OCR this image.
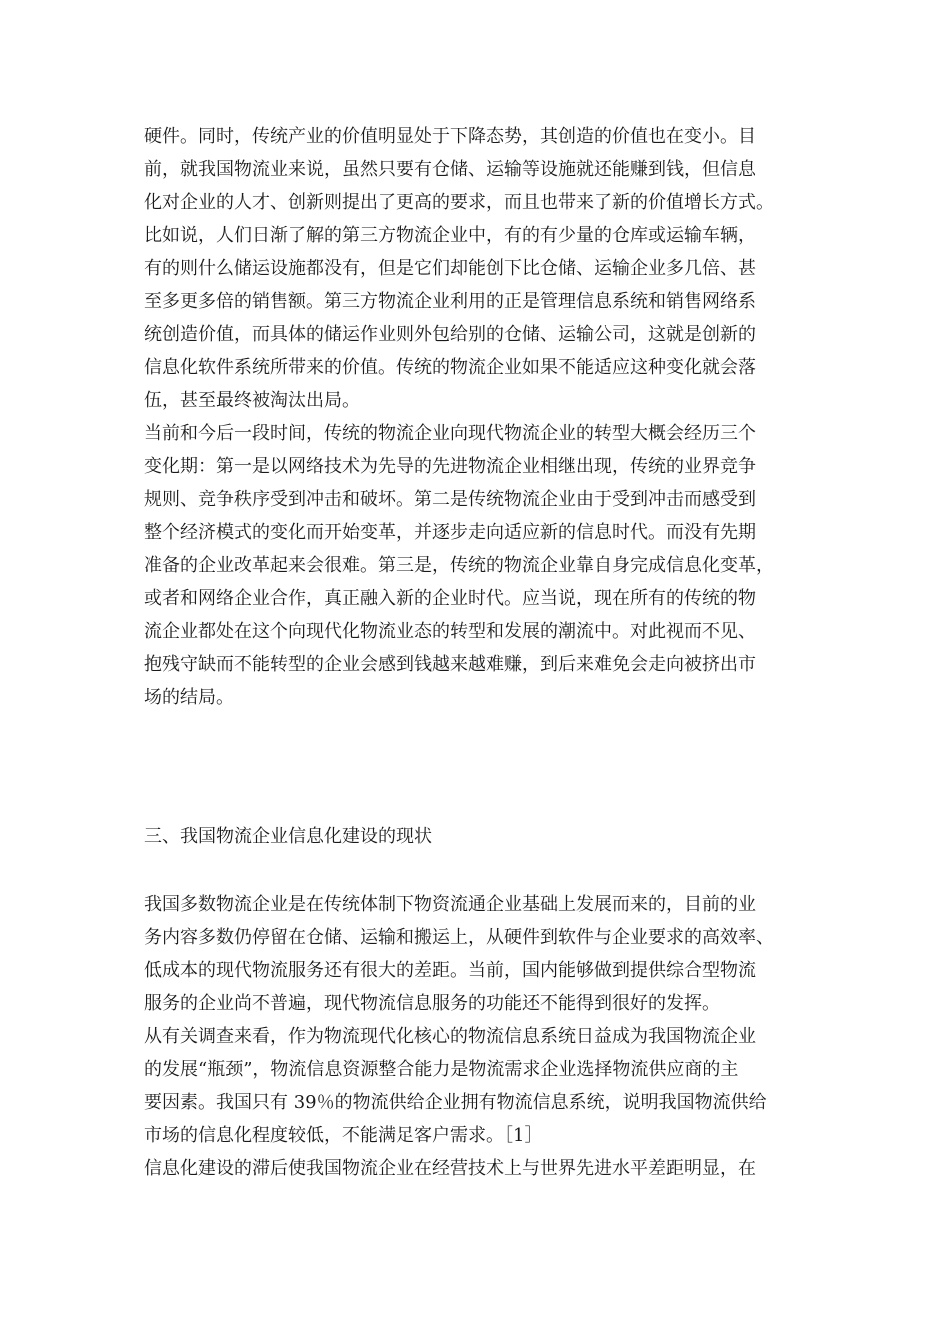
硬件。同时，传统产业的价值明显处于下降态势，其创造的价值也在变小。目
前，就我国物流业来说，虽然只要有仓储、运输等设施就还能赚到钱，但信息
化对企业的人才、创新则提出了更高的要求，而且也带来了新的价值增长方式。
比如说，人们日渐了解的第三方物流企业中，有的有少量的仓库或运输车辆，
有的则什么储运设施都没有，但是它们却能创下比仓储、运输企业多几倍、甚
至多更多倍的销售额。第三方物流企业利用的正是管理信息系统和销售网络系
统创造价值，而具体的储运作业则外包给别的仓储、运输公司，这就是创新的
信息化软件系统所带来的价值。传统的物流企业如果不能适应这种变化就会落
伍，甚至最终被淘汰出局。
当前和今后一段时间，传统的物流企业向现代物流企业的转型大概会经历三个
变化期：第一是以网络技术为先导的先进物流企业相继出现，传统的业界竞争
规则、竞争秩序受到冲击和破坏。第二是传统物流企业由于受到冲击而感受到
整个经济模式的变化而开始变革，并逐步走向适应新的信息时代。而没有先期
准备的企业改革起来会很难。第三是，传统的物流企业靠自身完成信息化变革，
或者和网络企业合作，真正融入新的企业时代。应当说，现在所有的传统的物
流企业都处在这个向现代化物流业态的转型和发展的潮流中。对此视而不见、
抱残守缺而不能转型的企业会感到钱越来越难赚，到后来难免会走向被挤出市
场的结局。
三、我国物流企业信息化建设的现状
我国多数物流企业是在传统体制下物资流通企业基础上发展而来的，目前的业
务内容多数仍停留在仓储、运输和搬运上，从硬件到软件与企业要求的高效率、
低成本的现代物流服务还有很大的差距。当前，国内能够做到提供综合型物流
服务的企业尚不普遍，现代物流信息服务的功能还不能得到很好的发挥。
从有关调查来看，作为物流现代化核心的物流信息系统日益成为我国物流企业
的发展“瓶颈”，物流信息资源整合能力是物流需求企业选择物流供应商的主
要因素。我国只有 39％的物流供给企业拥有物流信息系统，说明我国物流供给
市场的信息化程度较低，不能满足客户需求。［1］
信息化建设的滞后使我国物流企业在经营技术上与世界先进水平差距明显，在
